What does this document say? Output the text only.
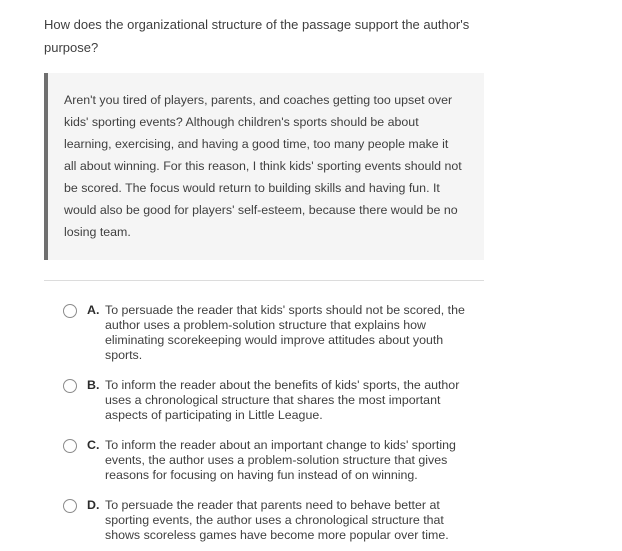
How does the organizational structure of the passage support the author's purpose?
Aren't you tired of players, parents, and coaches getting too upset over kids' sporting events? Although children's sports should be about learning, exercising, and having a good time, too many people make it all about winning. For this reason, I think kids' sporting events should not be scored. The focus would return to building skills and having fun. It would also be good for players' self-esteem, because there would be no losing team.
A. To persuade the reader that kids' sports should not be scored, the author uses a problem-solution structure that explains how eliminating scorekeeping would improve attitudes about youth sports.
B. To inform the reader about the benefits of kids' sports, the author uses a chronological structure that shares the most important aspects of participating in Little League.
C. To inform the reader about an important change to kids' sporting events, the author uses a problem-solution structure that gives reasons for focusing on having fun instead of on winning.
D. To persuade the reader that parents need to behave better at sporting events, the author uses a chronological structure that shows scoreless games have become more popular over time.
